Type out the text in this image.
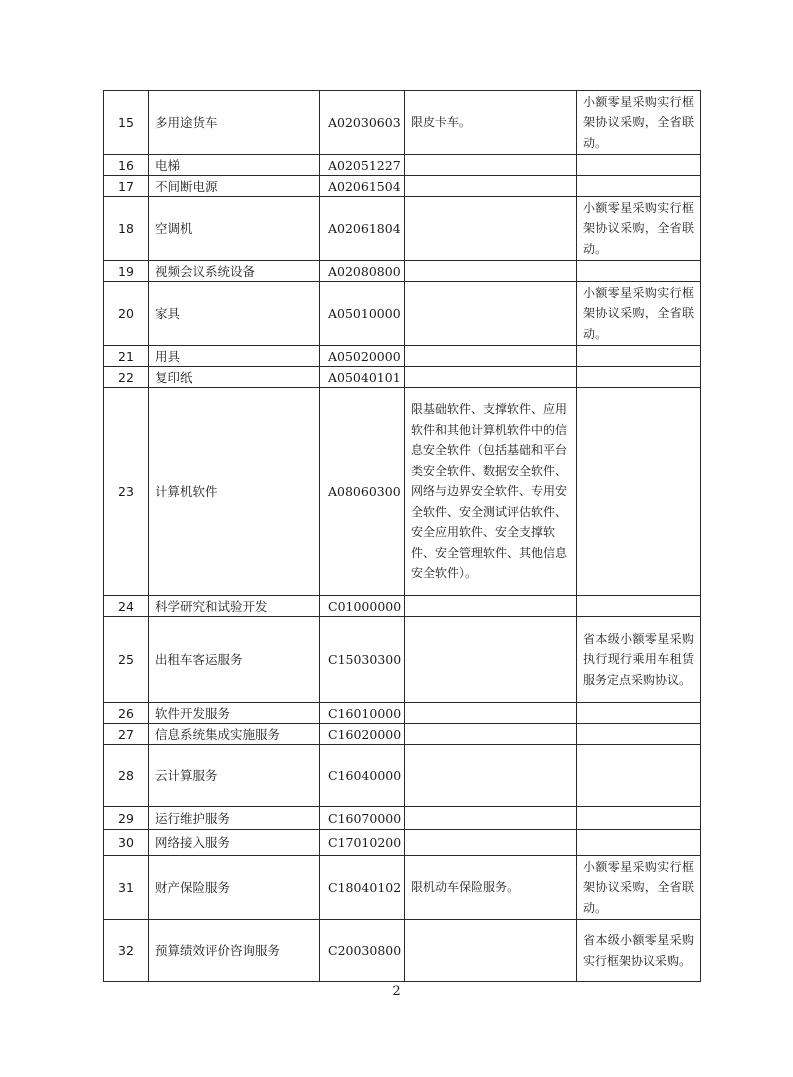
15	多用途货车	A02030603	限皮卡车。	小额零星采购实行框架协议采购，全省联动。
16	电梯	A02051227		
17	不间断电源	A02061504		
18	空调机	A02061804		小额零星采购实行框架协议采购，全省联动。
19	视频会议系统设备	A02080800		
20	家具	A05010000		小额零星采购实行框架协议采购，全省联动。
21	用具	A05020000		
22	复印纸	A05040101		
23	计算机软件	A08060300	限基础软件、支撑软件、应用软件和其他计算机软件中的信息安全软件（包括基础和平台类安全软件、数据安全软件、网络与边界安全软件、专用安全软件、安全测试评估软件、安全应用软件、安全支撑软件、安全管理软件、其他信息安全软件）。	
24	科学研究和试验开发	C01000000		
25	出租车客运服务	C15030300		省本级小额零星采购执行现行乘用车租赁服务定点采购协议。
26	软件开发服务	C16010000		
27	信息系统集成实施服务	C16020000		
28	云计算服务	C16040000		
29	运行维护服务	C16070000		
30	网络接入服务	C17010200		
31	财产保险服务	C18040102	限机动车保险服务。	小额零星采购实行框架协议采购，全省联动。
32	预算绩效评价咨询服务	C20030800		省本级小额零星采购实行框架协议采购。
2
